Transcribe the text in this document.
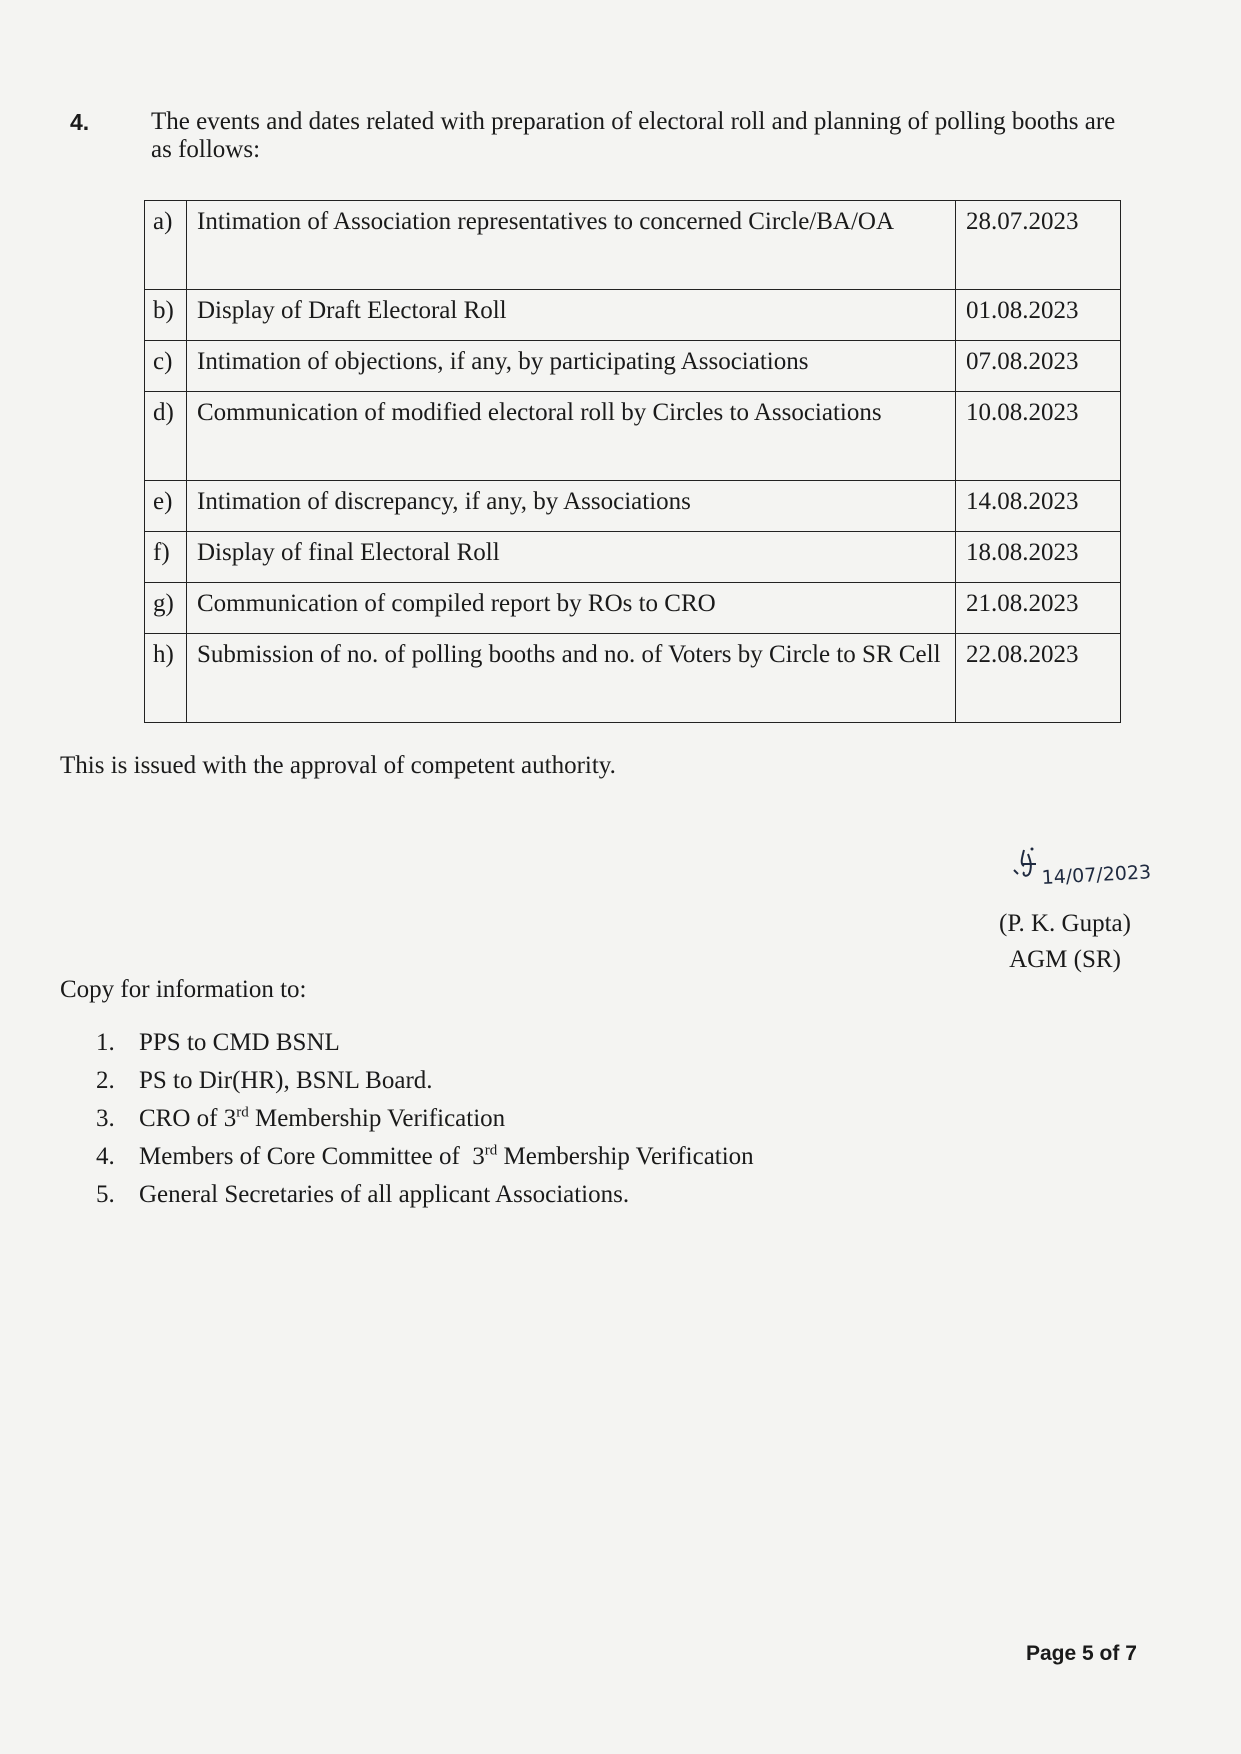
4. The events and dates related with preparation of electoral roll and planning of polling booths are as follows:
a)	Intimation of Association representatives to concerned Circle/BA/OA	28.07.2023
b)	Display of Draft Electoral Roll	01.08.2023
c)	Intimation of objections, if any, by participating Associations	07.08.2023
d)	Communication of modified electoral roll by Circles to Associations	10.08.2023
e)	Intimation of discrepancy, if any, by Associations	14.08.2023
f)	Display of final Electoral Roll	18.08.2023
g)	Communication of compiled report by ROs to CRO	21.08.2023
h)	Submission of no. of polling booths and no. of Voters by Circle to SR Cell	22.08.2023
This is issued with the approval of competent authority.
14/07/2023
(P. K. Gupta)
AGM (SR)
Copy for information to:
1. PPS to CMD BSNL
2. PS to Dir(HR), BSNL Board.
3. CRO of 3rd Membership Verification
4. Members of Core Committee of  3rd Membership Verification
5. General Secretaries of all applicant Associations.
Page 5 of 7
